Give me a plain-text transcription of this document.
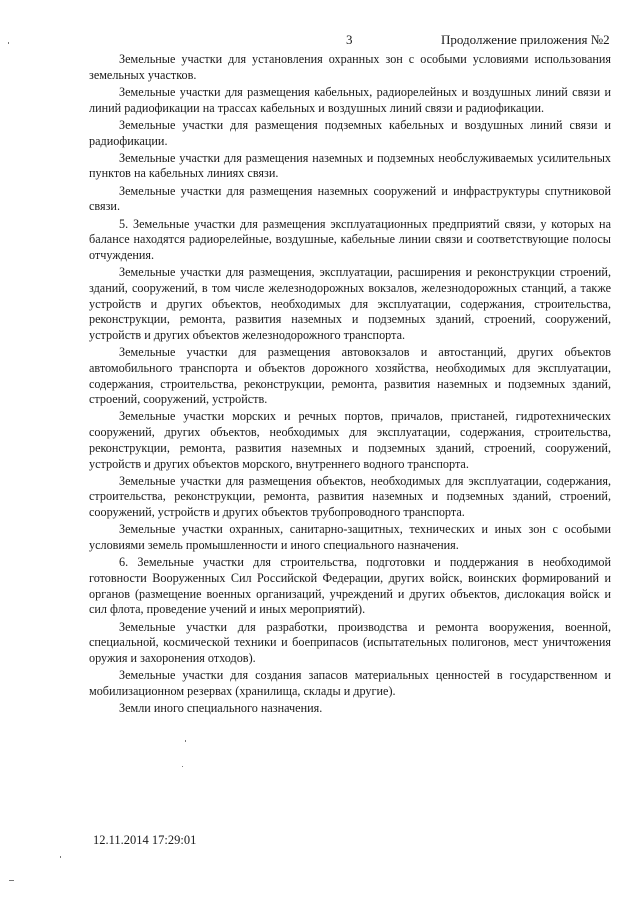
3	Продолжение приложения №2

Земельные участки для установления охранных зон с особыми условиями использования земельных участков.

Земельные участки для размещения кабельных, радиорелейных и воздушных линий связи и линий радиофикации на трассах кабельных и воздушных линий связи и радиофикации.

Земельные участки для размещения подземных кабельных и воздушных линий связи и радиофикации.

Земельные участки для размещения наземных и подземных необслуживаемых усилительных пунктов на кабельных линиях связи.

Земельные участки для размещения наземных сооружений и инфраструктуры спутниковой связи.

5. Земельные участки для размещения эксплуатационных предприятий связи, у которых на балансе находятся радиорелейные, воздушные, кабельные линии связи и соответствующие полосы отчуждения.

Земельные участки для размещения, эксплуатации, расширения и реконструкции строений, зданий, сооружений, в том числе железнодорожных вокзалов, железнодорожных станций, а также устройств и других объектов, необходимых для эксплуатации, содержания, строительства, реконструкции, ремонта, развития наземных и подземных зданий, строений, сооружений, устройств и других объектов железнодорожного транспорта.

Земельные участки для размещения автовокзалов и автостанций, других объектов автомобильного транспорта и объектов дорожного хозяйства, необходимых для эксплуатации, содержания, строительства, реконструкции, ремонта, развития наземных и подземных зданий, строений, сооружений, устройств.

Земельные участки морских и речных портов, причалов, пристаней, гидротехнических сооружений, других объектов, необходимых для эксплуатации, содержания, строительства, реконструкции, ремонта, развития наземных и подземных зданий, строений, сооружений, устройств и других объектов морского, внутреннего водного транспорта.

Земельные участки для размещения объектов, необходимых для эксплуатации, содержания, строительства, реконструкции, ремонта, развития наземных и подземных зданий, строений, сооружений, устройств и других объектов трубопроводного транспорта.

Земельные участки охранных, санитарно-защитных, технических и иных зон с особыми условиями земель промышленности и иного специального назначения.

6. Земельные участки для строительства, подготовки и поддержания в необходимой готовности Вооруженных Сил Российской Федерации, других войск, воинских формирований и органов (размещение военных организаций, учреждений и других объектов, дислокация войск и сил флота, проведение учений и иных мероприятий).

Земельные участки для разработки, производства и ремонта вооружения, военной, специальной, космической техники и боеприпасов (испытательных полигонов, мест уничтожения оружия и захоронения отходов).

Земельные участки для создания запасов материальных ценностей в государственном и мобилизационном резервах (хранилища, склады и другие).

Земли иного специального назначения.

12.11.2014 17:29:01
